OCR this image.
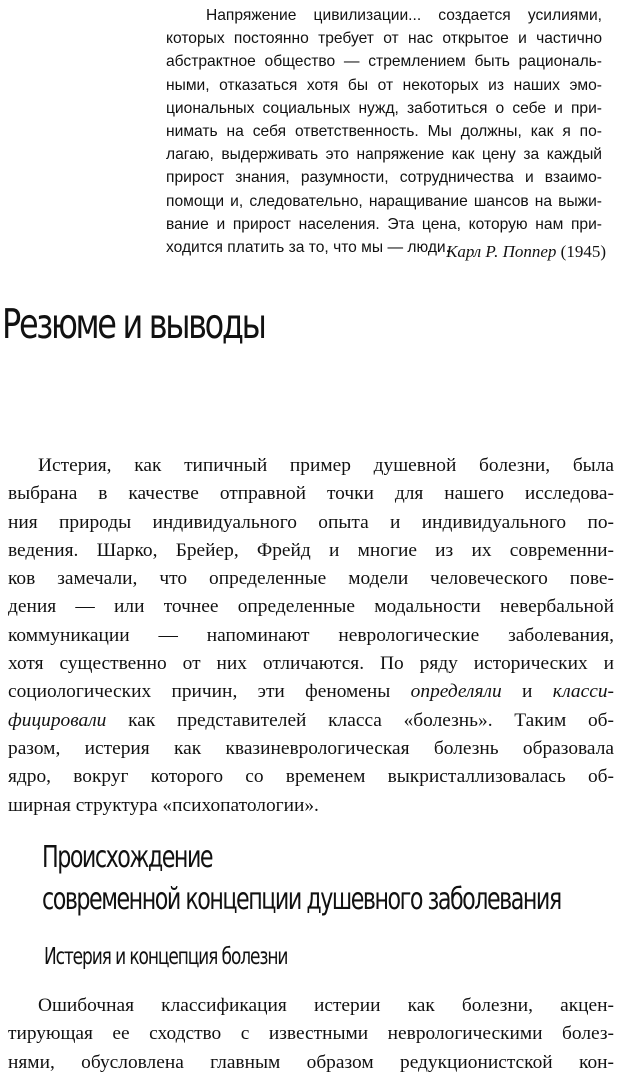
Напряжение цивилизации... создается усилиями,
которых постоянно требует от нас открытое и частично
абстрактное общество — стремлением быть рациональ-
ными, отказаться хотя бы от некоторых из наших эмо-
циональных социальных нужд, заботиться о себе и при-
нимать на себя ответственность. Мы должны, как я по-
лагаю, выдерживать это напряжение как цену за каждый
прирост знания, разумности, сотрудничества и взаимо-
помощи и, следовательно, наращивание шансов на выжи-
вание и прирост населения. Эта цена, которую нам при-
ходится платить за то, что мы — люди.
Карл Р. Поппер (1945)
Резюме и выводы
Истерия, как типичный пример душевной болезни, была
выбрана в качестве отправной точки для нашего исследова-
ния природы индивидуального опыта и индивидуального по-
ведения. Шарко, Брейер, Фрейд и многие из их современни-
ков замечали, что определенные модели человеческого пове-
дения — или точнее определенные модальности невербальной
коммуникации — напоминают неврологические заболевания,
хотя существенно от них отличаются. По ряду исторических и
социологических причин, эти феномены определяли и класси-
фицировали как представителей класса «болезнь». Таким об-
разом, истерия как квазиневрологическая болезнь образовала
ядро, вокруг которого со временем выкристаллизовалась об-
ширная структура «психопатологии».
Происхождение
современной концепции душевного заболевания
Истерия и концепция болезни
Ошибочная классификация истерии как болезни, акцен-
тирующая ее сходство с известными неврологическими болез-
нями, обусловлена главным образом редукционистской кон-
